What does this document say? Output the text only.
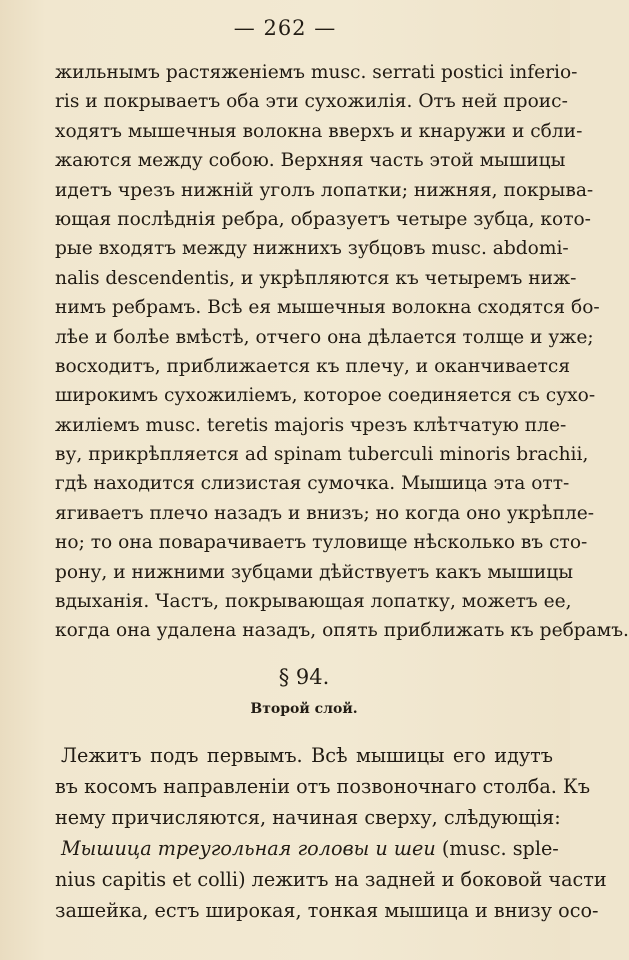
— 262 —
жильнымъ растяженіемъ musc. serrati postici inferio-
ris и покрываетъ оба эти сухожилія. Отъ ней проис-
ходятъ мышечныя волокна вверхъ и кнаружи и сбли-
жаются между собою. Верхняя часть этой мышицы
идетъ чрезъ нижній уголъ лопатки; нижняя, покрыва-
ющая послѣднія ребра, образуетъ четыре зубца, кото-
рые входятъ между нижнихъ зубцовъ musc. abdomi-
nalis descendentis, и укрѣпляются къ четыремъ ниж-
нимъ ребрамъ. Всѣ ея мышечныя волокна сходятся бо-
лѣе и болѣе вмѣстѣ, отчего она дѣлается толще и уже;
восходитъ, приближается къ плечу, и оканчивается
широкимъ сухожиліемъ, которое соединяется съ сухо-
жиліемъ musc. teretis majoris чрезъ клѣтчатую пле-
ву, прикрѣпляется ad spinam tuberculi minoris brachii,
гдѣ находится слизистая сумочка. Мышица эта отт-
ягиваетъ плечо назадъ и внизъ; но когда оно укрѣпле-
но; то она поварачиваетъ туловище нѣсколько въ сто-
рону, и нижними зубцами дѣйствуетъ какъ мышицы
вдыханія. Частъ, покрывающая лопатку, можетъ ее,
когда она удалена назадъ, опять приближать къ ребрамъ.
§ 94.
Второй слой.
Лежитъ подъ первымъ. Всѣ мышицы его идутъ
въ косомъ направленіи отъ позвоночнаго столба. Къ
нему причисляются, начиная сверху, слѣдующія:
Мышица треугольная головы и шеи (musc. sple-
nius capitis et colli) лежитъ на задней и боковой части
зашейка, естъ широкая, тонкая мышица и внизу осо-
